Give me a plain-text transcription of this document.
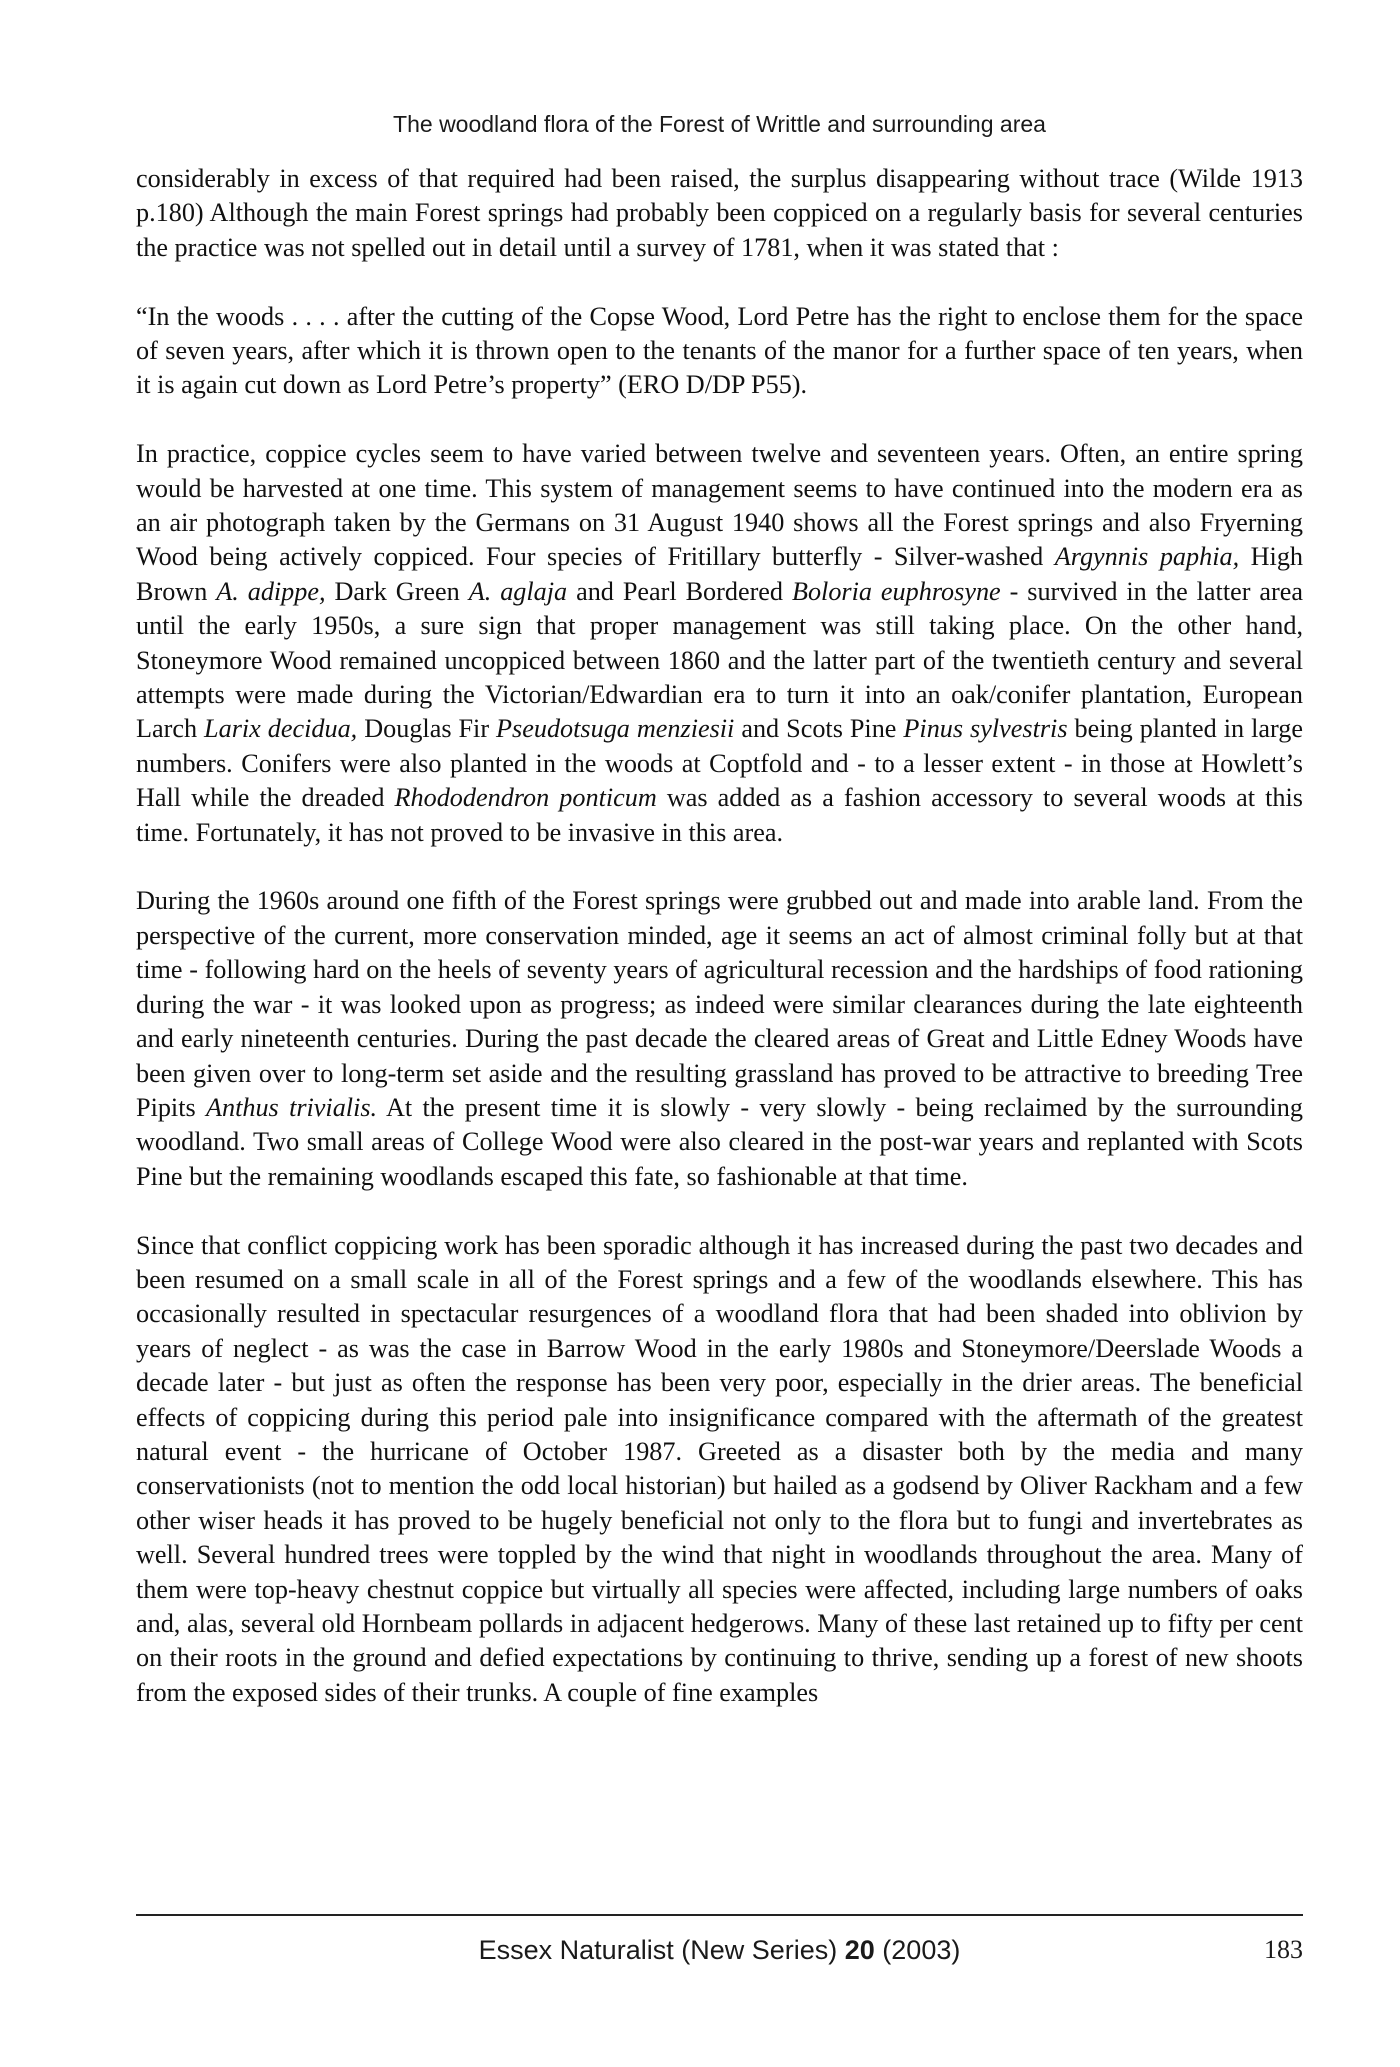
The woodland flora of the Forest of Writtle and surrounding area

considerably in excess of that required had been raised, the surplus disappearing without trace (Wilde 1913 p.180) Although the main Forest springs had probably been coppiced on a regularly basis for several centuries the practice was not spelled out in detail until a survey of 1781, when it was stated that :

“In the woods . . . . after the cutting of the Copse Wood, Lord Petre has the right to enclose them for the space of seven years, after which it is thrown open to the tenants of the manor for a further space of ten years, when it is again cut down as Lord Petre’s property” (ERO D/DP P55).

In practice, coppice cycles seem to have varied between twelve and seventeen years. Often, an entire spring would be harvested at one time. This system of management seems to have continued into the modern era as an air photograph taken by the Germans on 31 August 1940 shows all the Forest springs and also Fryerning Wood being actively coppiced. Four species of Fritillary butterfly - Silver-washed Argynnis paphia, High Brown A. adippe, Dark Green A. aglaja and Pearl Bordered Boloria euphrosyne - survived in the latter area until the early 1950s, a sure sign that proper management was still taking place. On the other hand, Stoneymore Wood remained uncoppiced between 1860 and the latter part of the twentieth century and several attempts were made during the Victorian/Edwardian era to turn it into an oak/conifer plantation, European Larch Larix decidua, Douglas Fir Pseudotsuga menziesii and Scots Pine Pinus sylvestris being planted in large numbers. Conifers were also planted in the woods at Coptfold and - to a lesser extent - in those at Howlett’s Hall while the dreaded Rhododendron ponticum was added as a fashion accessory to several woods at this time. Fortunately, it has not proved to be invasive in this area.

During the 1960s around one fifth of the Forest springs were grubbed out and made into arable land. From the perspective of the current, more conservation minded, age it seems an act of almost criminal folly but at that time - following hard on the heels of seventy years of agricultural recession and the hardships of food rationing during the war - it was looked upon as progress; as indeed were similar clearances during the late eighteenth and early nineteenth centuries. During the past decade the cleared areas of Great and Little Edney Woods have been given over to long-term set aside and the resulting grassland has proved to be attractive to breeding Tree Pipits Anthus trivialis. At the present time it is slowly - very slowly - being reclaimed by the surrounding woodland. Two small areas of College Wood were also cleared in the post-war years and replanted with Scots Pine but the remaining woodlands escaped this fate, so fashionable at that time.

Since that conflict coppicing work has been sporadic although it has increased during the past two decades and been resumed on a small scale in all of the Forest springs and a few of the woodlands elsewhere. This has occasionally resulted in spectacular resurgences of a woodland flora that had been shaded into oblivion by years of neglect - as was the case in Barrow Wood in the early 1980s and Stoneymore/Deerslade Woods a decade later - but just as often the response has been very poor, especially in the drier areas. The beneficial effects of coppicing during this period pale into insignificance compared with the aftermath of the greatest natural event - the hurricane of October 1987. Greeted as a disaster both by the media and many conservationists (not to mention the odd local historian) but hailed as a godsend by Oliver Rackham and a few other wiser heads it has proved to be hugely beneficial not only to the flora but to fungi and invertebrates as well. Several hundred trees were toppled by the wind that night in woodlands throughout the area. Many of them were top-heavy chestnut coppice but virtually all species were affected, including large numbers of oaks and, alas, several old Hornbeam pollards in adjacent hedgerows. Many of these last retained up to fifty per cent on their roots in the ground and defied expectations by continuing to thrive, sending up a forest of new shoots from the exposed sides of their trunks. A couple of fine examples

Essex Naturalist (New Series) 20 (2003)	183
